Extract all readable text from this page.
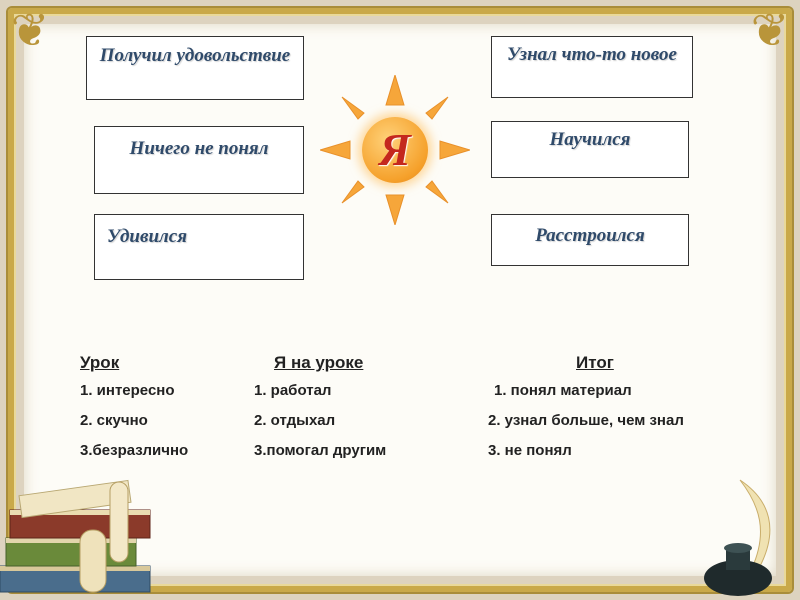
❦	❦
Получил удовольствие
Ничего не понял
Удивился
Узнал что-то новое
Научился
Расстроился
Я
Урок
1. интересно
2. скучно
3.безразлично
Я на уроке
1. работал
2. отдыхал
3.помогал другим
Итог
1. понял материал
2. узнал больше, чем знал
3. не понял
